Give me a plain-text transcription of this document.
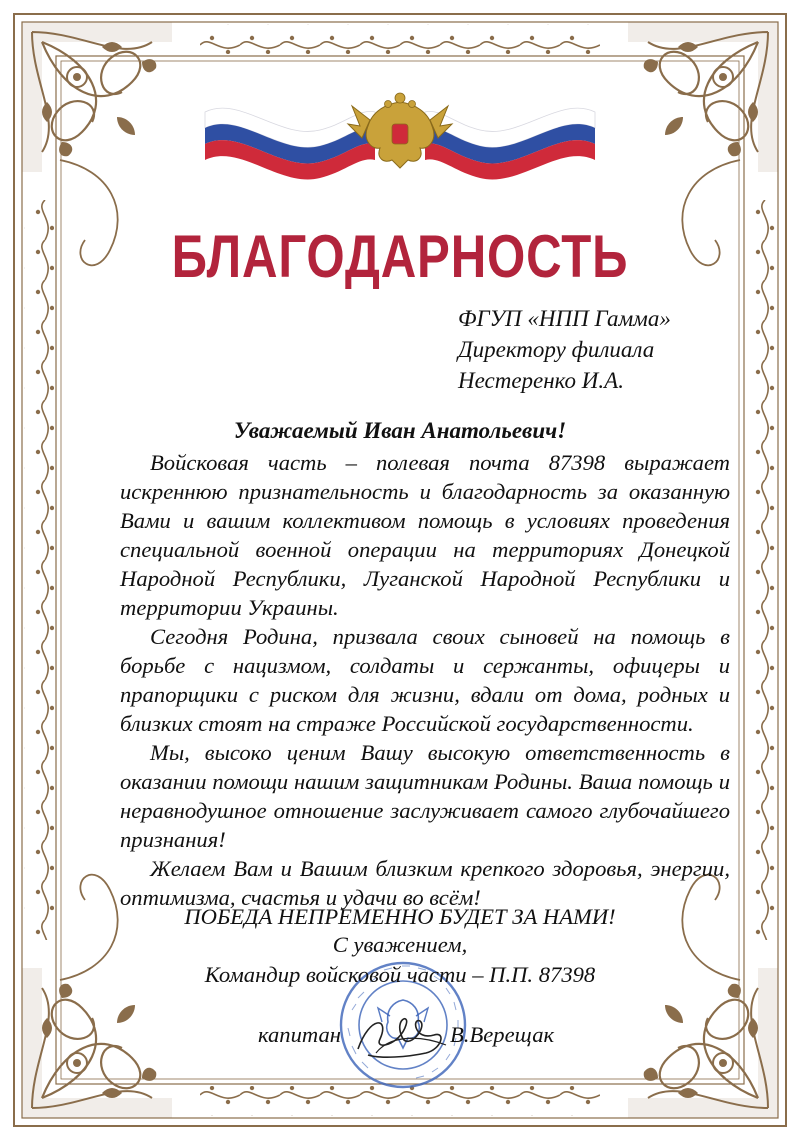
БЛАГОДАРНОСТЬ
ФГУП «НПП Гамма»
Директору филиала
Нестеренко И.А.
Уважаемый Иван Анатольевич!

Войсковая часть – полевая почта 87398 выражает искреннюю признательность и благодарность за оказанную Вами и вашим коллективом помощь в условиях проведения специальной военной операции на территориях Донецкой Народной Республики, Луганской Народной Республики и территории Украины.

Сегодня Родина, призвала своих сыновей на помощь в борьбе с нацизмом, солдаты и сержанты, офицеры и прапорщики с риском для жизни, вдали от дома, родных и близких стоят на страже Российской государственности.

Мы, высоко ценим Вашу высокую ответственность в оказании помощи нашим защитникам Родины. Ваша помощь и неравнодушное отношение заслуживает самого глубочайшего признания!

Желаем Вам и Вашим близким крепкого здоровья, энергии, оптимизма, счастья и удачи во всём!

ПОБЕДА НЕПРЕМЕННО БУДЕТ ЗА НАМИ!
С уважением,
Командир войсковой части – П.П. 87398
капитан	В.Верещак
